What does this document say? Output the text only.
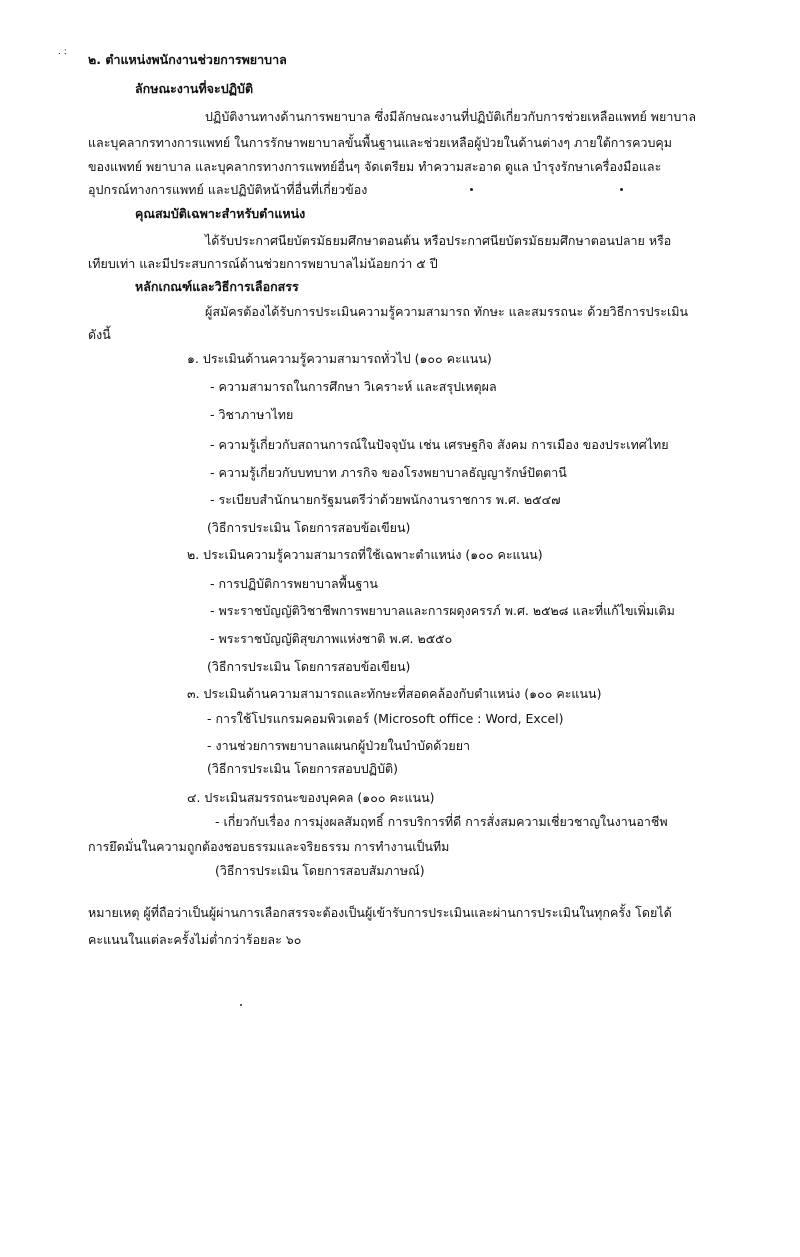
. : ๒. ตำแหน่งพนักงานช่วยการพยาบาล
ลักษณะงานที่จะปฏิบัติ
ปฏิบัติงานทางด้านการพยาบาล ซึ่งมีลักษณะงานที่ปฏิบัติเกี่ยวกับการช่วยเหลือแพทย์ พยาบาล
และบุคลากรทางการแพทย์ ในการรักษาพยาบาลขั้นพื้นฐานและช่วยเหลือผู้ป่วยในด้านต่างๆ ภายใต้การควบคุม
ของแพทย์ พยาบาล และบุคลากรทางการแพทย์อื่นๆ จัดเตรียม ทำความสะอาด ดูแล บำรุงรักษาเครื่องมือและ
อุปกรณ์ทางการแพทย์ และปฏิบัติหน้าที่อื่นที่เกี่ยวข้อง
คุณสมบัติเฉพาะสำหรับตำแหน่ง
ได้รับประกาศนียบัตรมัธยมศึกษาตอนต้น หรือประกาศนียบัตรมัธยมศึกษาตอนปลาย หรือ
เทียบเท่า และมีประสบการณ์ด้านช่วยการพยาบาลไม่น้อยกว่า ๕ ปี
หลักเกณฑ์และวิธีการเลือกสรร
ผู้สมัครต้องได้รับการประเมินความรู้ความสามารถ ทักษะ และสมรรถนะ ด้วยวิธีการประเมิน
ดังนี้
๑. ประเมินด้านความรู้ความสามารถทั่วไป (๑๐๐ คะแนน)
- ความสามารถในการศึกษา วิเคราะห์ และสรุปเหตุผล
- วิชาภาษาไทย
- ความรู้เกี่ยวกับสถานการณ์ในปัจจุบัน เช่น เศรษฐกิจ สังคม การเมือง ของประเทศไทย
- ความรู้เกี่ยวกับบทบาท ภารกิจ ของโรงพยาบาลธัญญารักษ์ปัตตานี
- ระเบียบสำนักนายกรัฐมนตรีว่าด้วยพนักงานราชการ พ.ศ. ๒๕๔๗
(วิธีการประเมิน โดยการสอบข้อเขียน)
๒. ประเมินความรู้ความสามารถที่ใช้เฉพาะตำแหน่ง (๑๐๐ คะแนน)
- การปฏิบัติการพยาบาลพื้นฐาน
- พระราชบัญญัติวิชาชีพการพยาบาลและการผดุงครรภ์ พ.ศ. ๒๕๒๘ และที่แก้ไขเพิ่มเติม
- พระราชบัญญัติสุขภาพแห่งชาติ พ.ศ. ๒๕๕๐
(วิธีการประเมิน โดยการสอบข้อเขียน)
๓. ประเมินด้านความสามารถและทักษะที่สอดคล้องกับตำแหน่ง (๑๐๐ คะแนน)
- การใช้โปรแกรมคอมพิวเตอร์ (Microsoft office : Word, Excel)
- งานช่วยการพยาบาลแผนกผู้ป่วยในบำบัดด้วยยา
(วิธีการประเมิน โดยการสอบปฏิบัติ)
๔. ประเมินสมรรถนะของบุคคล (๑๐๐ คะแนน)
- เกี่ยวกับเรื่อง การมุ่งผลสัมฤทธิ์ การบริการที่ดี การสั่งสมความเชี่ยวชาญในงานอาชีพ
การยึดมั่นในความถูกต้องชอบธรรมและจริยธรรม การทำงานเป็นทีม
(วิธีการประเมิน โดยการสอบสัมภาษณ์)
หมายเหตุ ผู้ที่ถือว่าเป็นผู้ผ่านการเลือกสรรจะต้องเป็นผู้เข้ารับการประเมินและผ่านการประเมินในทุกครั้ง โดยได้
คะแนนในแต่ละครั้งไม่ต่ำกว่าร้อยละ ๖๐
